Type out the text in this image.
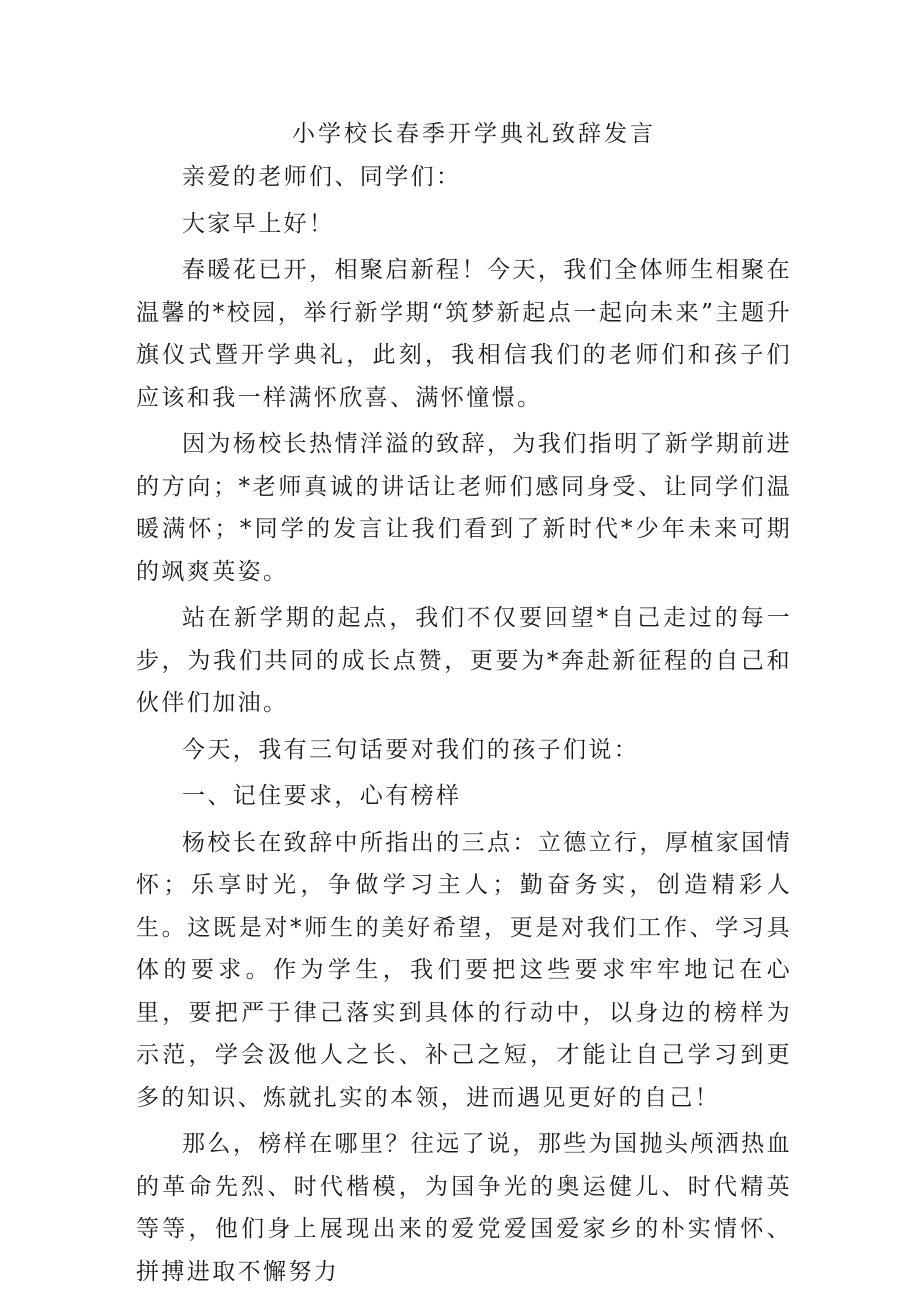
小学校长春季开学典礼致辞发言

亲爱的老师们、同学们：

大家早上好！

春暖花已开，相聚启新程！今天，我们全体师生相聚在温馨的*校园，举行新学期“筑梦新起点一起向未来”主题升旗仪式暨开学典礼，此刻，我相信我们的老师们和孩子们应该和我一样满怀欣喜、满怀憧憬。

因为杨校长热情洋溢的致辞，为我们指明了新学期前进的方向；*老师真诚的讲话让老师们感同身受、让同学们温暖满怀；*同学的发言让我们看到了新时代*少年未来可期的飒爽英姿。

站在新学期的起点，我们不仅要回望*自己走过的每一步，为我们共同的成长点赞，更要为*奔赴新征程的自己和伙伴们加油。

今天，我有三句话要对我们的孩子们说：

一、记住要求，心有榜样

杨校长在致辞中所指出的三点：立德立行，厚植家国情怀；乐享时光，争做学习主人；勤奋务实，创造精彩人生。这既是对*师生的美好希望，更是对我们工作、学习具体的要求。作为学生，我们要把这些要求牢牢地记在心里，要把严于律己落实到具体的行动中，以身边的榜样为示范，学会汲他人之长、补己之短，才能让自己学习到更多的知识、炼就扎实的本领，进而遇见更好的自己！

那么，榜样在哪里？往远了说，那些为国抛头颅洒热血的革命先烈、时代楷模，为国争光的奥运健儿、时代精英等等，他们身上展现出来的爱党爱国爱家乡的朴实情怀、拼搏进取不懈努力
